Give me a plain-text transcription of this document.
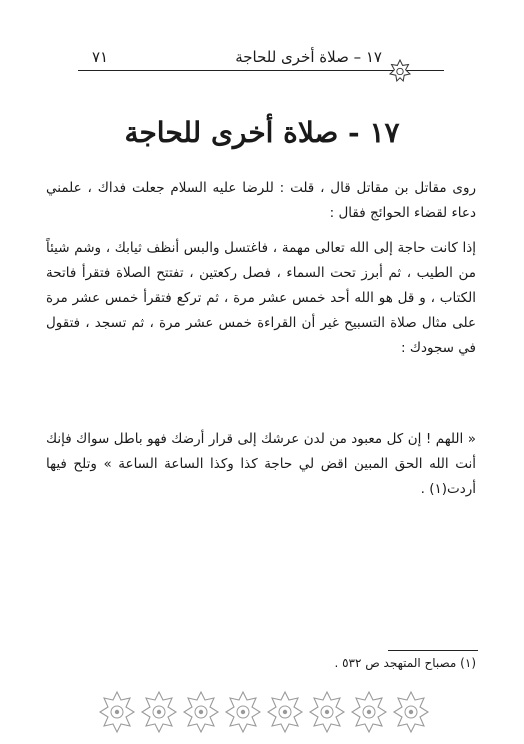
١٧ – صلاة أخرى للحاجة
٧١
١٧ - صلاة أخرى للحاجة
روى مقاتل بن مقاتل قال ، قلت : للرضا عليه السلام جعلت فداك ، علمني دعاء لقضاء الحوائج فقال :
إذا كانت حاجة إلى الله تعالى مهمة ، فاغتسل والبس أنظف ثيابك ، وشم شيئاً من الطيب ، ثم أبرز تحت السماء ، فصل ركعتين ، تفتتح الصلاة فتقرأ فاتحة الكتاب ، و قل هو الله أحد خمس عشر مرة ، ثم تركع فتقرأ خمس عشر مرة على مثال صلاة التسبيح غير أن القراءة خمس عشر مرة ، ثم تسجد ، فتقول في سجودك :
« اللهم ! إن كل معبود من لدن عرشك إلى قرار أرضك فهو باطل سواك فإنك أنت الله الحق المبين اقض لي حاجة كذا وكذا الساعة الساعة » وتلح فيها أردت(١) .
(١) مصباح المتهجد ص ٥٣٢ .
